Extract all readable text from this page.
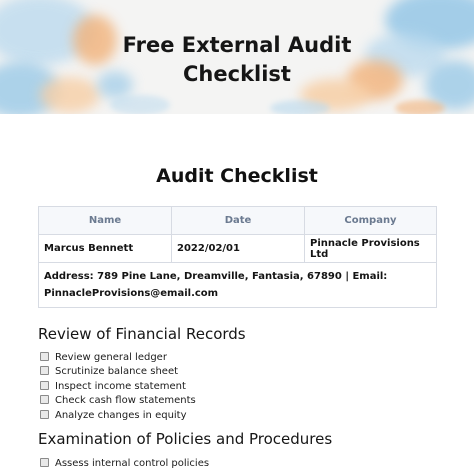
Free External Audit
Checklist
Audit Checklist
Name	Date	Company
Marcus Bennett	2022/02/01	Pinnacle Provisions Ltd

Address: 789 Pine Lane, Dreamville, Fantasia, 67890 | Email:
PinnacleProvisions@email.com		
Review of Financial Records
Review general ledger
Scrutinize balance sheet
Inspect income statement
Check cash flow statements
Analyze changes in equity
Examination of Policies and Procedures
Assess internal control policies
